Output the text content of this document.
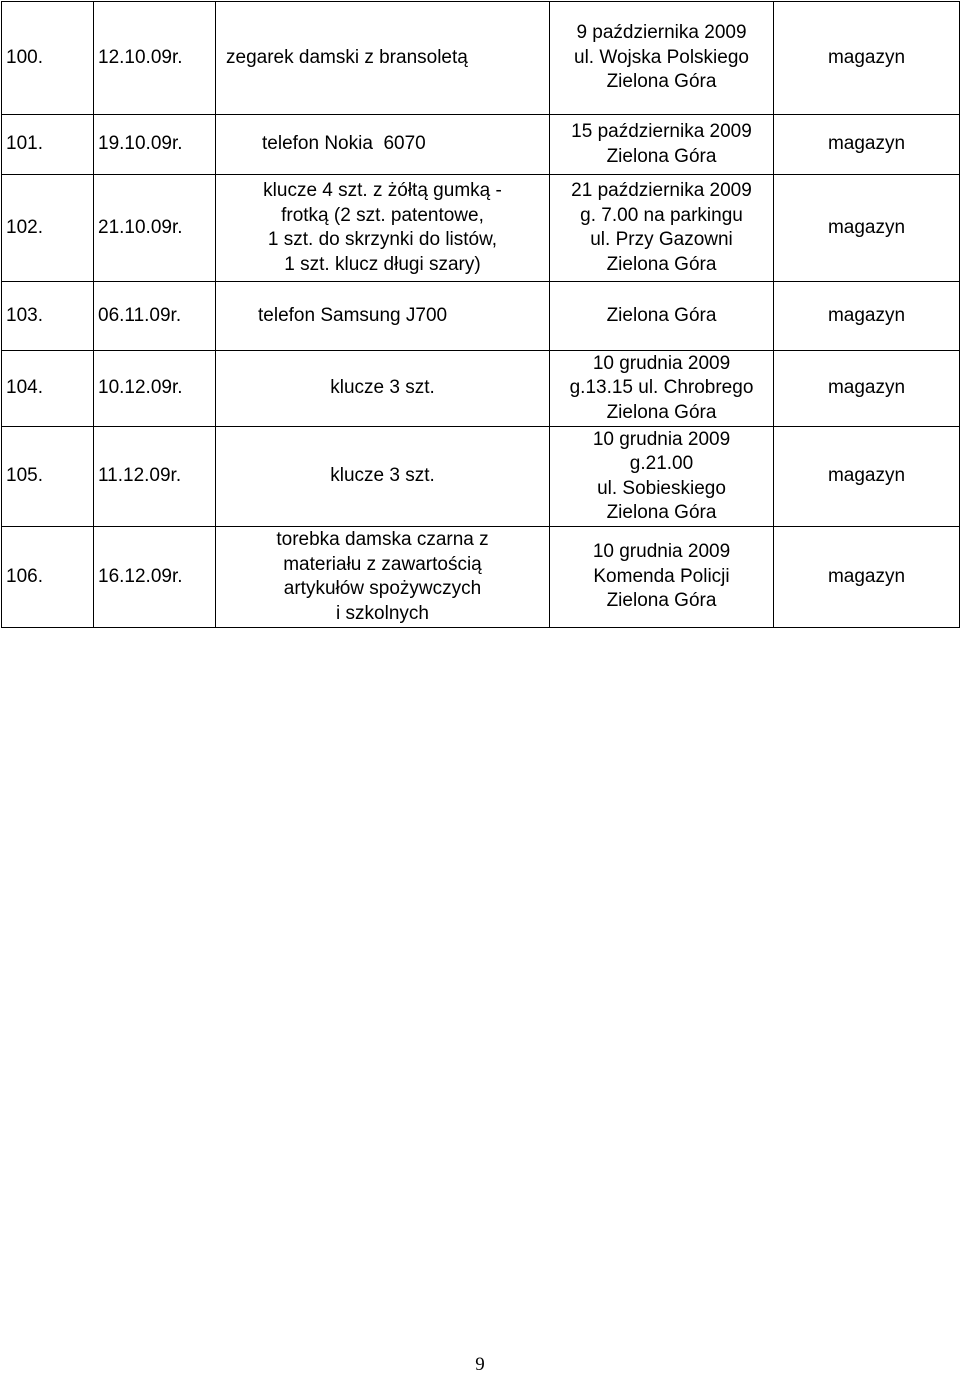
100.	12.10.09r.	zegarek damski z bransoletą	9 października 2009
ul. Wojska Polskiego
Zielona Góra	magazyn
101.	19.10.09r.	telefon Nokia  6070	15 października 2009
Zielona Góra	magazyn
102.	21.10.09r.	klucze 4 szt. z żółtą gumką -
frotką (2 szt. patentowe,
1 szt. do skrzynki do listów,
1 szt. klucz długi szary)	21 października 2009
g. 7.00 na parkingu
ul. Przy Gazowni
Zielona Góra	magazyn
103.	06.11.09r.	telefon Samsung J700	Zielona Góra	magazyn
104.	10.12.09r.	klucze 3 szt.	10 grudnia 2009
g.13.15 ul. Chrobrego
Zielona Góra	magazyn
105.	11.12.09r.	klucze 3 szt.	10 grudnia 2009
g.21.00
ul. Sobieskiego
Zielona Góra	magazyn
106.	16.12.09r.	torebka damska czarna z
materiału z zawartością
artykułów spożywczych
i szkolnych	10 grudnia 2009
Komenda Policji
Zielona Góra	magazyn
9
